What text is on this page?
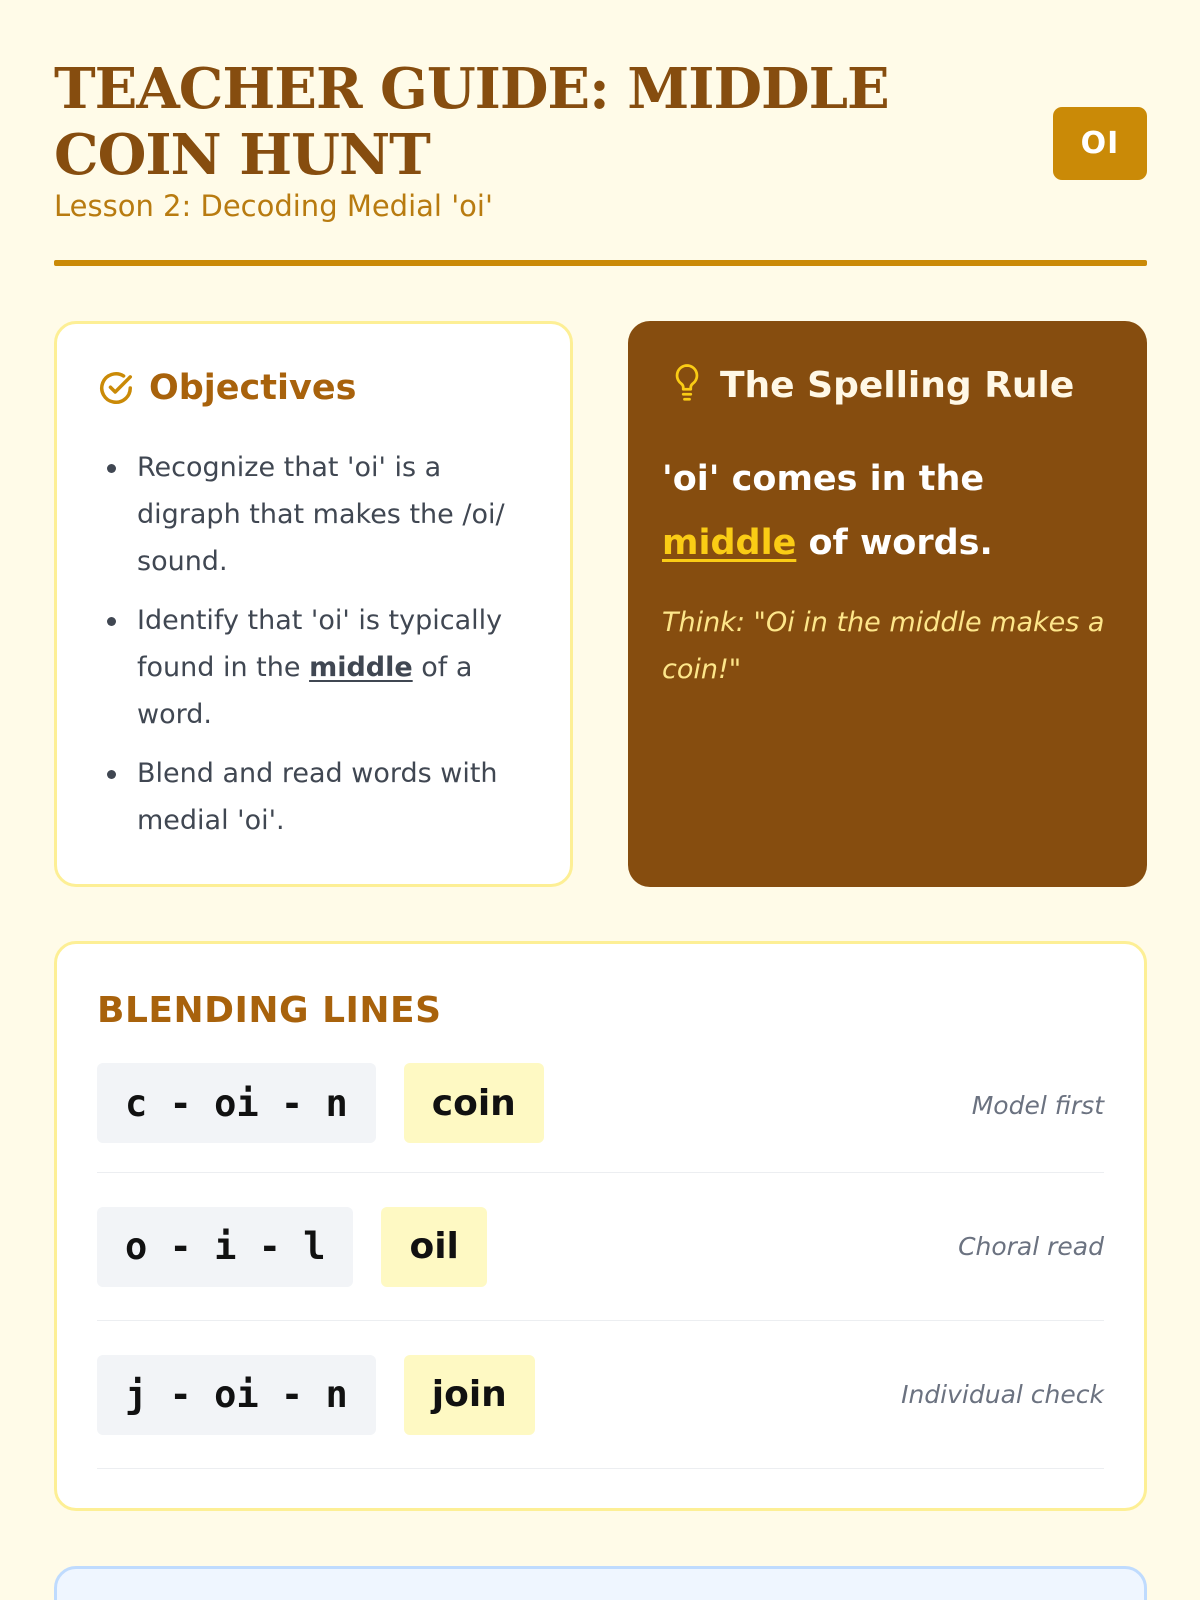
TEACHER GUIDE: MIDDLE COIN HUNT
Lesson 2: Decoding Medial 'oi'
OI
Objectives
Recognize that 'oi' is a digraph that makes the /oi/ sound.
Identify that 'oi' is typically found in the middle of a word.
Blend and read words with medial 'oi'.
The Spelling Rule

'oi' comes in the middle of words.

Think: "Oi in the middle makes a coin!"

BLENDING LINES
c - oi - n	coin	Model first
o - i - l	oil	Choral read
j - oi - n	join	Individual check
